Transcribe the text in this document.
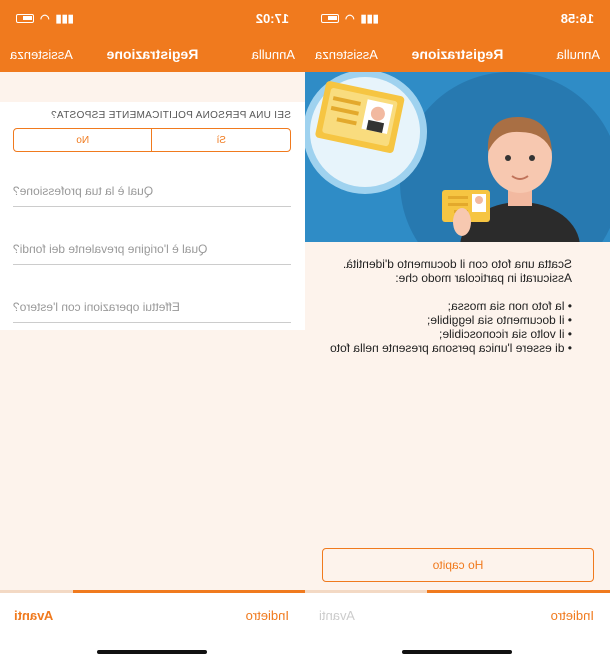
17:02
▮▮▮
◠
Annulla
Registrazione
Assistenza
SEI UNA PERSONA POLITICAMENTE ESPOSTA?
Sì
No
Qual è la tua professione?
Qual è l'origine prevalente dei fondi?
Effettui operazioni con l'estero?
Indietro
Avanti
16:58
▮▮▮
◠
Annulla
Registrazione
Assistenza
Scatta una foto con il documento d'identità.
Assicurati in particolar modo che:
• la foto non sia mossa;
• il documento sia leggibile;
• il volto sia riconoscibile;
• di essere l'unica persona presente nella foto
Ho capito
Indietro
Avanti
